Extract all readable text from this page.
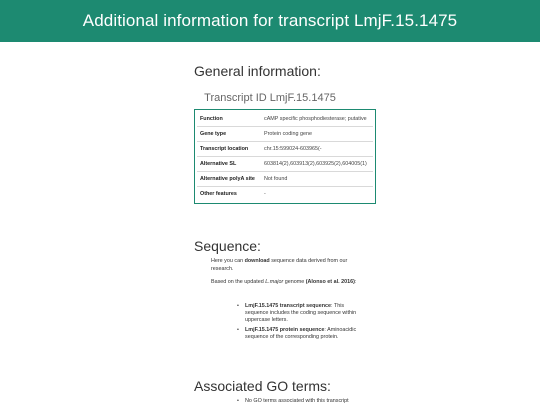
Additional information for transcript LmjF.15.1475
General information:
Transcript ID LmjF.15.1475
Function	cAMP specific phosphodiesterase; putative
Gene type	Protein coding gene
Transcript location	chr.15:599024-603965(-
Alternative SL	603814(2),603913(2),603925(2),604005(1)
Alternative polyA site	Not found
Other features	-
Sequence:
Here you can download sequence data derived from our research.
Based on the updated L.major genome (Alonso et al. 2016):
• LmjF.15.1475 transcript sequence: This sequence includes the coding sequence within uppercase letters.
• LmjF.15.1475 protein sequence: Aminoacidic sequence of the corresponding protein.
Associated GO terms:
• No GO terms associated with this transcript
